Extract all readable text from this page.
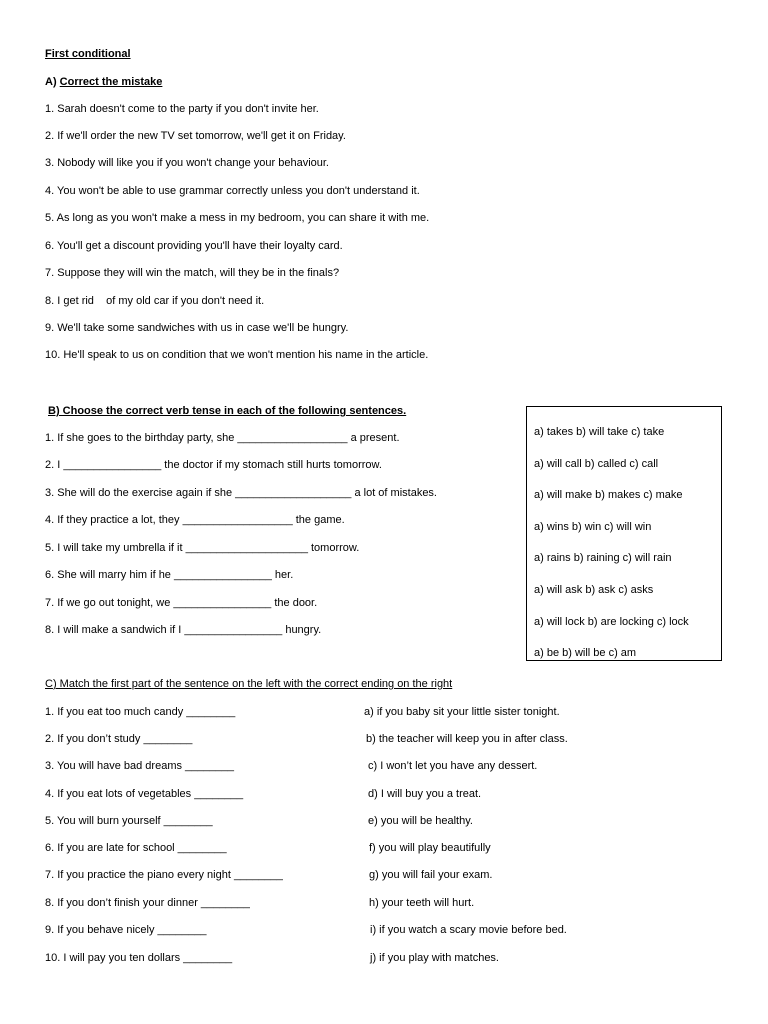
First conditional
A) Correct the mistake
1. Sarah doesn't come to the party if you don't invite her.
2. If we'll order the new TV set tomorrow, we'll get it on Friday.
3. Nobody will like you if you won't change your behaviour.
4. You won't be able to use grammar correctly unless you don't understand it.
5. As long as you won't make a mess in my bedroom, you can share it with me.
6. You'll get a discount providing you'll have their loyalty card.
7. Suppose they will win the match, will they be in the finals?
8. I get rid    of my old car if you don't need it.
9. We'll take some sandwiches with us in case we'll be hungry.
10. He'll speak to us on condition that we won't mention his name in the article.
B) Choose the correct verb tense in each of the following sentences.
1. If she goes to the birthday party, she __________________ a present.
2. I ________________ the doctor if my stomach still hurts tomorrow.
3. She will do the exercise again if she ___________________ a lot of mistakes.
4. If they practice a lot, they __________________ the game.
5. I will take my umbrella if it ____________________ tomorrow.
6. She will marry him if he ________________ her.
7. If we go out tonight, we ________________ the door.
8. I will make a sandwich if I ________________ hungry.
a) takes b) will take c) take
a) will call b) called c) call
a) will make b) makes c) make
a) wins b) win c) will win
a) rains b) raining c) will rain
a) will ask b) ask c) asks
a) will lock b) are locking c) lock
a) be b) will be c) am
C) Match the first part of the sentence on the left with the correct ending on the right
1. If you eat too much candy ________
2. If you don’t study ________
3. You will have bad dreams ________
4. If you eat lots of vegetables ________
5. You will burn yourself ________
6. If you are late for school ________
7. If you practice the piano every night ________
8. If you don’t finish your dinner ________
9. If you behave nicely ________
10. I will pay you ten dollars ________
a) if you baby sit your little sister tonight.
b) the teacher will keep you in after class.
c) I won’t let you have any dessert.
d) I will buy you a treat.
e) you will be healthy.
f) you will play beautifully
g) you will fail your exam.
h) your teeth will hurt.
i) if you watch a scary movie before bed.
j) if you play with matches.
